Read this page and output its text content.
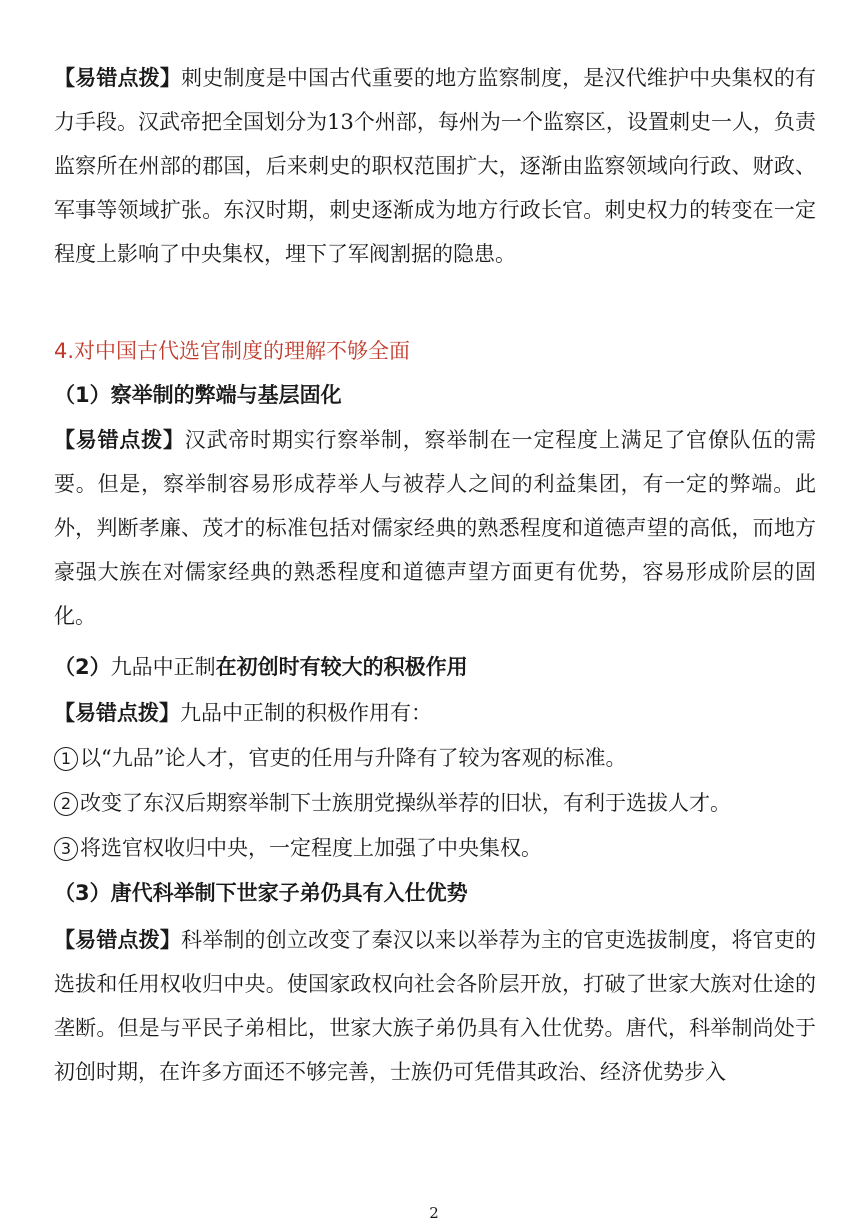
【易错点拨】刺史制度是中国古代重要的地方监察制度，是汉代维护中央集权的有力手段。汉武帝把全国划分为13个州部，每州为一个监察区，设置刺史一人，负责监察所在州部的郡国，后来刺史的职权范围扩大，逐渐由监察领域向行政、财政、军事等领域扩张。东汉时期，刺史逐渐成为地方行政长官。刺史权力的转变在一定程度上影响了中央集权，埋下了军阀割据的隐患。

4.对中国古代选官制度的理解不够全面

（1）察举制的弊端与基层固化

【易错点拨】汉武帝时期实行察举制，察举制在一定程度上满足了官僚队伍的需要。但是，察举制容易形成荐举人与被荐人之间的利益集团，有一定的弊端。此外，判断孝廉、茂才的标准包括对儒家经典的熟悉程度和道德声望的高低，而地方豪强大族在对儒家经典的熟悉程度和道德声望方面更有优势，容易形成阶层的固化。

（2）九品中正制在初创时有较大的积极作用

【易错点拨】九品中正制的积极作用有：

1 以“九品”论人才，官吏的任用与升降有了较为客观的标准。

2 改变了东汉后期察举制下士族朋党操纵举荐的旧状，有利于选拔人才。

3 将选官权收归中央，一定程度上加强了中央集权。

（3）唐代科举制下世家子弟仍具有入仕优势

【易错点拨】科举制的创立改变了秦汉以来以举荐为主的官吏选拔制度，将官吏的选拔和任用权收归中央。使国家政权向社会各阶层开放，打破了世家大族对仕途的垄断。但是与平民子弟相比，世家大族子弟仍具有入仕优势。唐代，科举制尚处于初创时期，在许多方面还不够完善，士族仍可凭借其政治、经济优势步入

2
